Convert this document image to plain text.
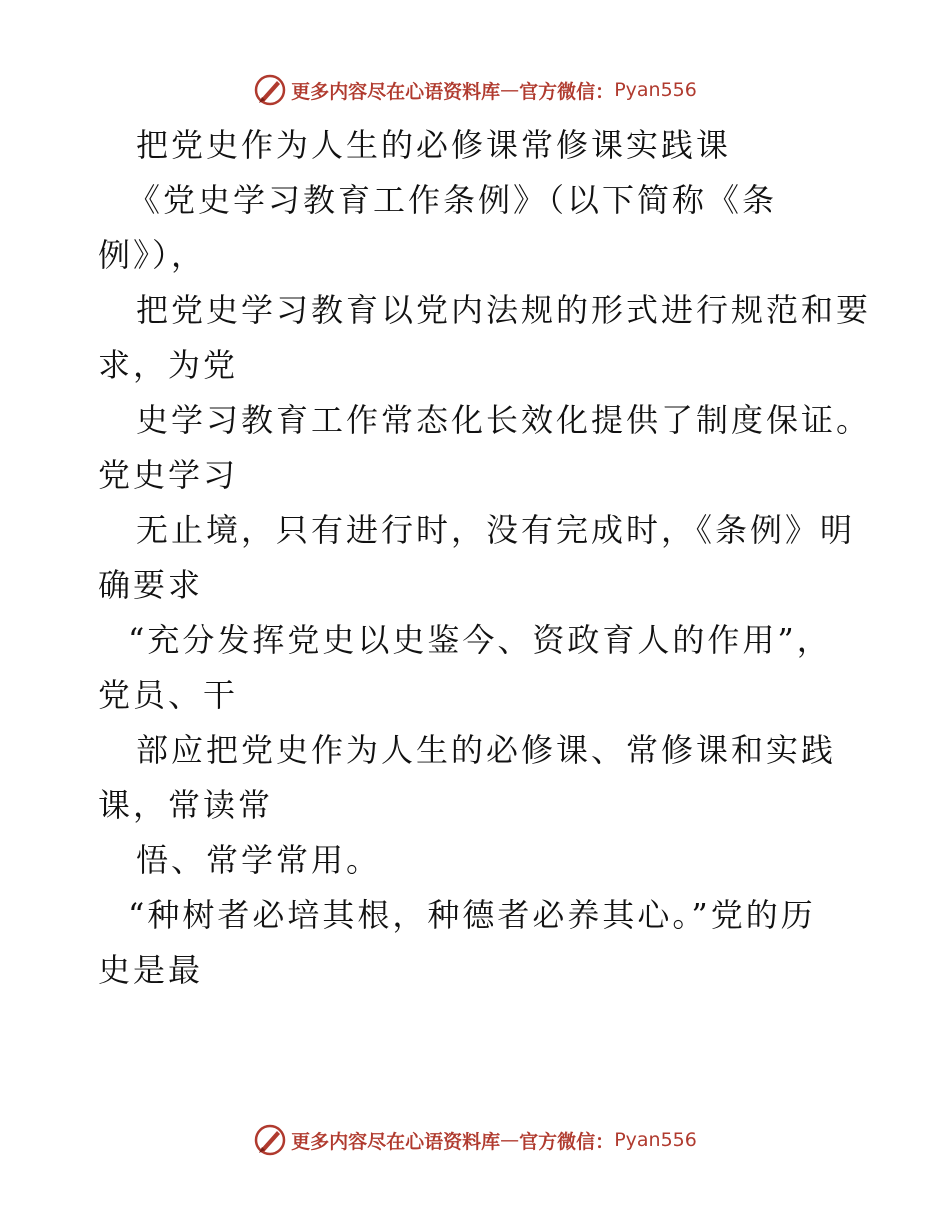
更多内容尽在心语资料库 — 官方微信： Pyan556
把党史作为人生的必修课常修课实践课
《党史学习教育工作条例》（以下简称《条
例》），
把党史学习教育以党内法规的形式进行规范和要
求，为党
史学习教育工作常态化长效化提供了制度保证。
党史学习
无止境，只有进行时，没有完成时，《条例》明
确要求
“充分发挥党史以史鉴今、资政育人的作用”，
党员、干
部应把党史作为人生的必修课、常修课和实践
课，常读常
悟、常学常用。
“种树者必培其根，种德者必养其心。”党的历
史是最
更多内容尽在心语资料库 — 官方微信： Pyan556
